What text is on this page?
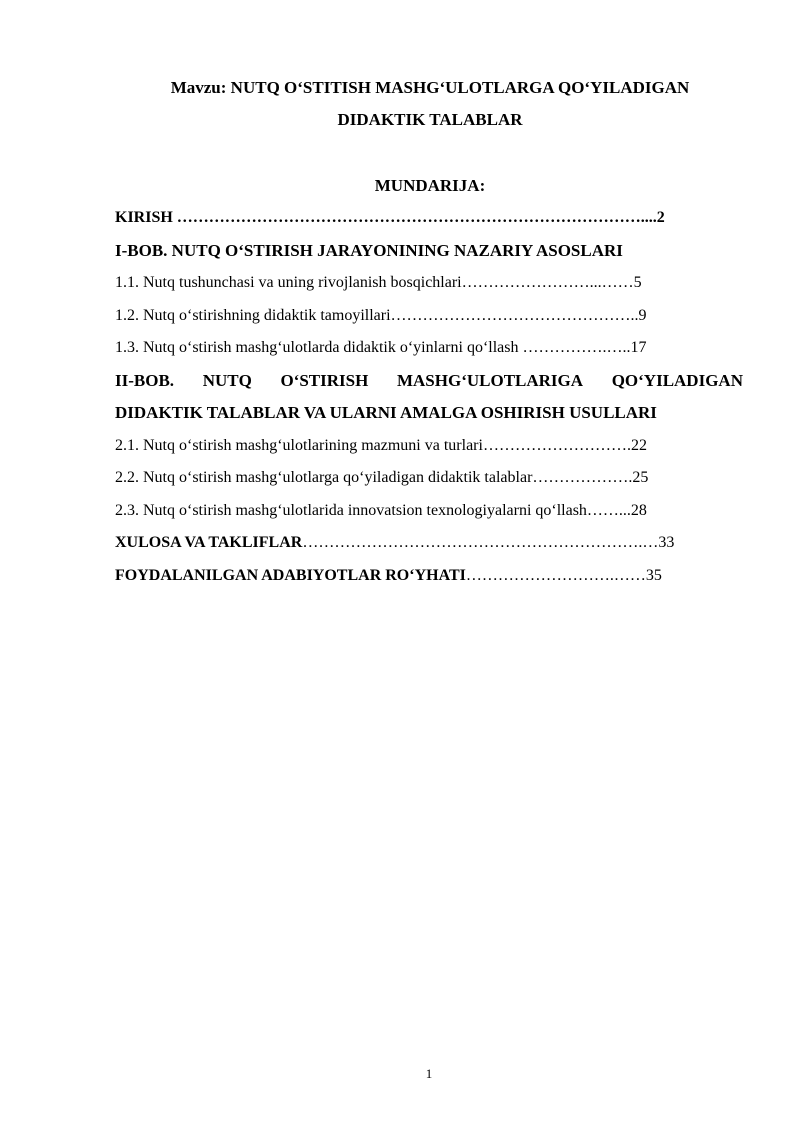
Mavzu: NUTQ O‘STITISH MASHG‘ULOTLARGA QO‘YILADIGAN
DIDAKTIK TALABLAR
MUNDARIJA:
KIRISH ……………………………………………………………………………....2
I-BOB. NUTQ O‘STIRISH JARAYONINING NAZARIY ASOSLARI
1.1. Nutq tushunchasi va uning rivojlanish bosqichlari……………………...……5
1.2. Nutq o‘stirishning didaktik tamoyillari………………………………………..9
1.3. Nutq o‘stirish mashg‘ulotlarda didaktik o‘yinlarni qo‘llash …………….…..17
II-BOB. NUTQ O‘STIRISH MASHG‘ULOTLARIGA QO‘YILADIGAN
DIDAKTIK TALABLAR VA ULARNI AMALGA OSHIRISH USULLARI
2.1. Nutq o‘stirish mashg‘ulotlarining mazmuni va turlari……………………….22
2.2. Nutq o‘stirish mashg‘ulotlarga qo‘yiladigan didaktik talablar……………….25
2.3. Nutq o‘stirish mashg‘ulotlarida innovatsion texnologiyalarni qo‘llash……...28
XULOSA VA TAKLIFLAR……………………………………………………….…33
FOYDALANILGAN ADABIYOTLAR RO‘YHATI……………………….……35
1
